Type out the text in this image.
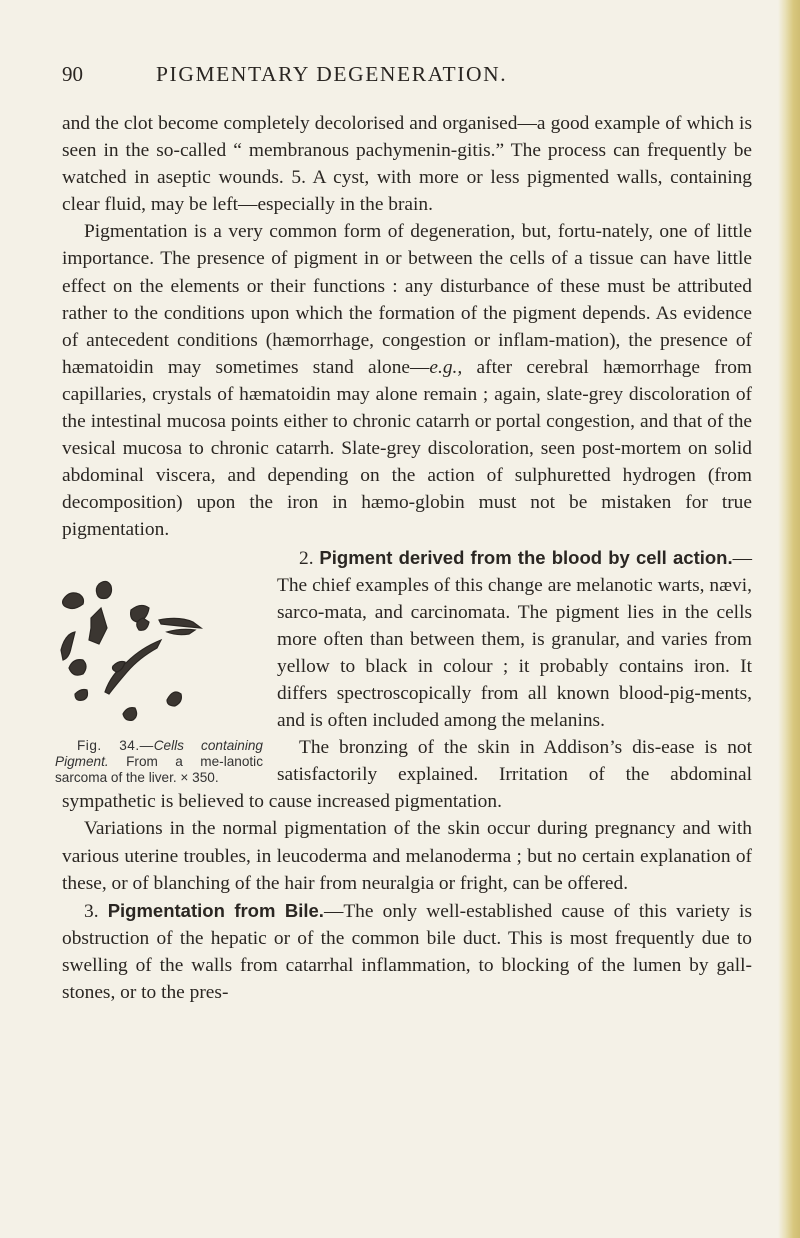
90	PIGMENTARY DEGENERATION.

and the clot become completely decolorised and organised—a good example of which is seen in the so-called “ membranous pachymenin-gitis.” The process can frequently be watched in aseptic wounds. 5. A cyst, with more or less pigmented walls, containing clear fluid, may be left—especially in the brain.

Pigmentation is a very common form of degeneration, but, fortu-nately, one of little importance. The presence of pigment in or between the cells of a tissue can have little effect on the elements or their functions : any disturbance of these must be attributed rather to the conditions upon which the formation of the pigment depends. As evidence of antecedent conditions (hæmorrhage, congestion or inflam-mation), the presence of hæmatoidin may sometimes stand alone—e.g., after cerebral hæmorrhage from capillaries, crystals of hæmatoidin may alone remain ; again, slate-grey discoloration of the intestinal mucosa points either to chronic catarrh or portal congestion, and that of the vesical mucosa to chronic catarrh. Slate-grey discoloration, seen post-mortem on solid abdominal viscera, and depending on the action of sulphuretted hydrogen (from decomposition) upon the iron in hæmo-globin must not be mistaken for true pigmentation.

2. Pigment derived from the blood by cell action.—
Fig. 34.—Cells containing Pigment. From a me-lanotic sarcoma of the liver. × 350.
The chief examples of this change are melanotic warts, nævi, sarco-mata, and carcinomata. The pigment lies in the cells more often than between them, is granular, and varies from yellow to black in colour ; it probably contains iron. It differs spectroscopically from all known blood-pig-ments, and is often included among the melanins.

The bronzing of the skin in Addison’s dis-ease is not satisfactorily explained. Irritation of the abdominal sympathetic is believed to cause increased pigmentation.

Variations in the normal pigmentation of the skin occur during pregnancy and with various uterine troubles, in leucoderma and melanoderma ; but no certain explanation of these, or of blanching of the hair from neuralgia or fright, can be offered.

3. Pigmentation from Bile.—The only well-established cause of this variety is obstruction of the hepatic or of the common bile duct. This is most frequently due to swelling of the walls from catarrhal inflammation, to blocking of the lumen by gall-stones, or to the pres-
